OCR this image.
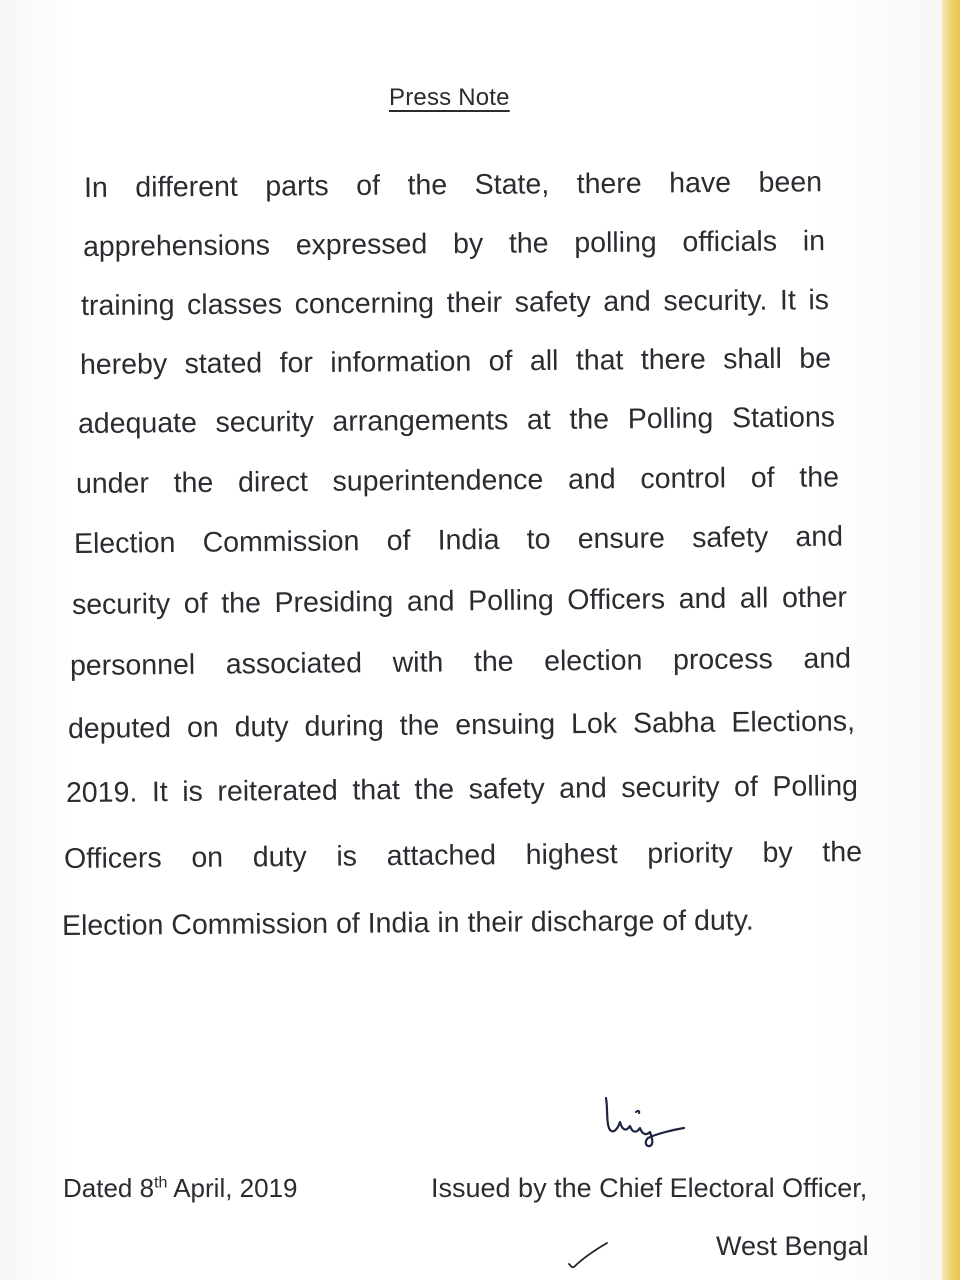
Press Note
In different parts of the State, there have been
apprehensions expressed by the polling officials in
training classes concerning their safety and security. It is
hereby stated for information of all that there shall be
adequate security arrangements at the Polling Stations
under the direct superintendence and control of the
Election Commission of India to ensure safety and
security of the Presiding and Polling Officers and all other
personnel associated with the election process and
deputed on duty during the ensuing Lok Sabha Elections,
2019. It is reiterated that the safety and security of Polling
Officers on duty is attached highest priority by the
Election Commission of India in their discharge of duty.
Dated 8th April, 2019	Issued by the Chief Electoral Officer,
West Bengal
